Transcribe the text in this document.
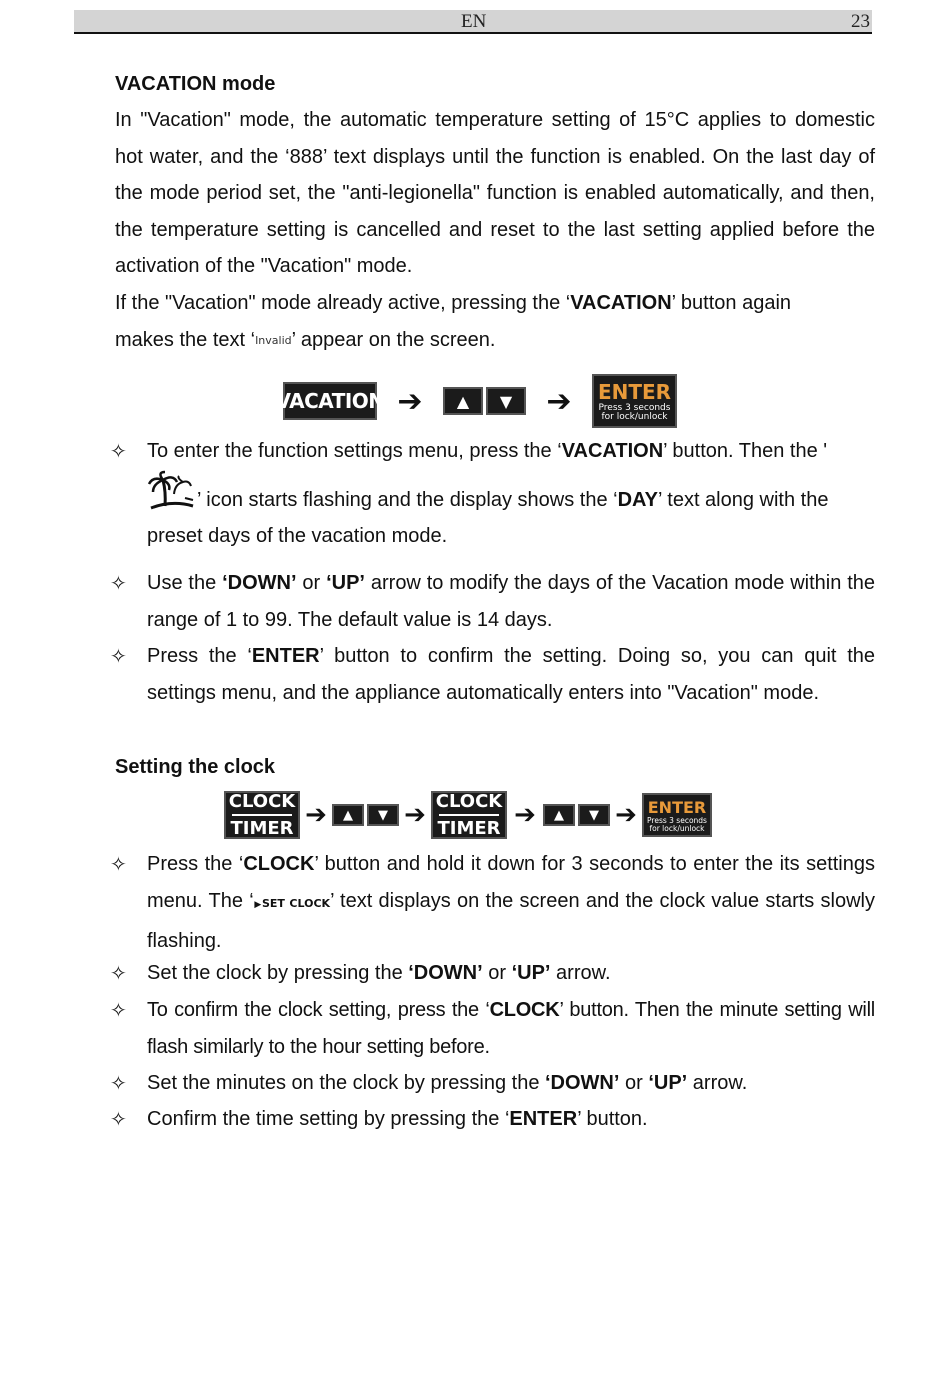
EN	23
VACATION mode
In "Vacation" mode, the automatic temperature setting of 15°C applies to domestic hot water, and the ‘888’ text displays until the function is enabled. On the last day of the mode period set, the "anti-legionella" function is enabled automatically, and then, the temperature setting is cancelled and reset to the last setting applied before the activation of the "Vacation" mode.
If the "Vacation" mode already active, pressing the ‘VACATION’ button again
makes the text ‘Invalid’ appear on the screen.
VACATION ➔	▲	▼	➔	ENTER
Press 3 seconds
for lock/unlock
✧ To enter the function settings menu, press the ‘VACATION’ button. Then the '
’ icon starts flashing and the display shows the ‘DAY’ text along with the preset days of the vacation mode.
✧ Use the ‘DOWN’ or ‘UP’ arrow to modify the days of the Vacation mode within the range of 1 to 99. The default value is 14 days.
✧ Press the ‘ENTER’ button to confirm the setting. Doing so, you can quit the settings menu, and the appliance automatically enters into "Vacation" mode.
Setting the clock
CLOCK
TIMER ➔	▲	▼ ➔ CLOCK
TIMER ➔	▲	▼ ➔ ENTER
Press 3 seconds
for lock/unlock
✧ Press the ‘CLOCK’ button and hold it down for 3 seconds to enter the its settings menu. The ‘▶SET CLOCK’ text displays on the screen and the clock value starts slowly flashing.
✧ Set the clock by pressing the ‘DOWN’ or ‘UP’ arrow.
✧ To confirm the clock setting, press the ‘CLOCK’ button. Then the minute setting will flash similarly to the hour setting before.
✧ Set the minutes on the clock by pressing the ‘DOWN’ or ‘UP’ arrow.
✧ Confirm the time setting by pressing the ‘ENTER’ button.
